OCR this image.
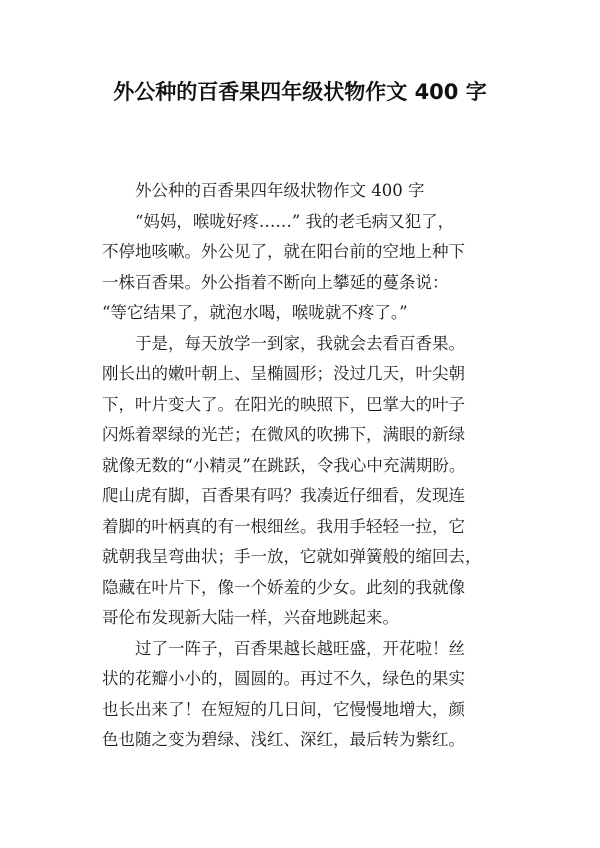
外公种的百香果四年级状物作文 400 字
外公种的百香果四年级状物作文 400 字
“妈妈，喉咙好疼……” 我的老毛病又犯了，
不停地咳嗽。外公见了，就在阳台前的空地上种下
一株百香果。外公指着不断向上攀延的蔓条说：
“等它结果了，就泡水喝，喉咙就不疼了。”
于是，每天放学一到家，我就会去看百香果。
刚长出的嫩叶朝上、呈椭圆形；没过几天，叶尖朝
下，叶片变大了。在阳光的映照下，巴掌大的叶子
闪烁着翠绿的光芒；在微风的吹拂下，满眼的新绿
就像无数的“小精灵”在跳跃，令我心中充满期盼。
爬山虎有脚，百香果有吗？我凑近仔细看，发现连
着脚的叶柄真的有一根细丝。我用手轻轻一拉，它
就朝我呈弯曲状；手一放，它就如弹簧般的缩回去，
隐藏在叶片下，像一个娇羞的少女。此刻的我就像
哥伦布发现新大陆一样，兴奋地跳起来。
过了一阵子，百香果越长越旺盛，开花啦！丝
状的花瓣小小的，圆圆的。再过不久，绿色的果实
也长出来了！在短短的几日间，它慢慢地增大，颜
色也随之变为碧绿、浅红、深红，最后转为紫红。
